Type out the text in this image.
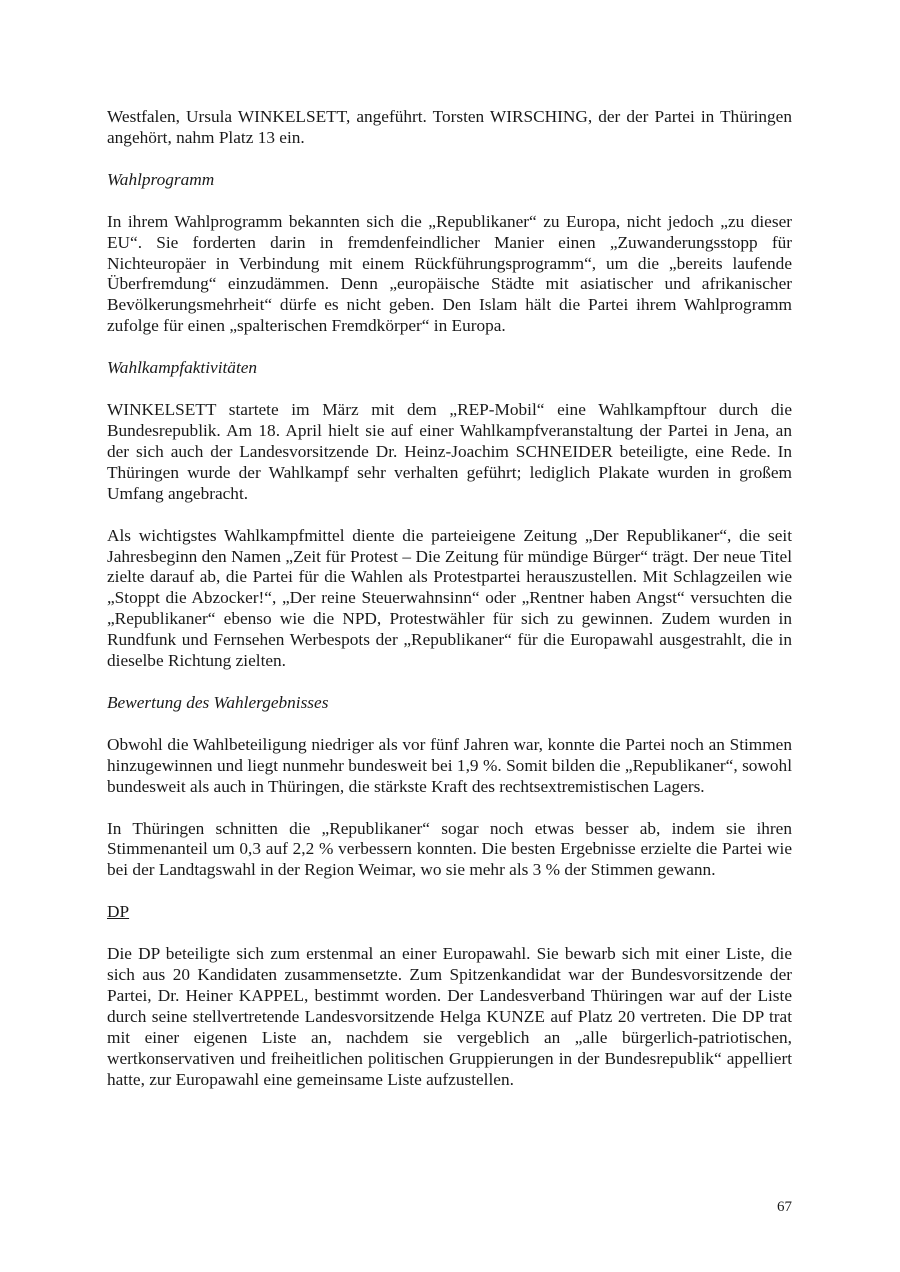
Westfalen, Ursula WINKELSETT, angeführt. Torsten WIRSCHING, der der Partei in Thüringen angehört, nahm Platz 13 ein.

Wahlprogramm

In ihrem Wahlprogramm bekannten sich die „Republikaner“ zu Europa, nicht jedoch „zu dieser EU“. Sie forderten darin in fremdenfeindlicher Manier einen „Zuwanderungsstopp für Nichteuropäer in Verbindung mit einem Rückführungsprogramm“, um die „bereits laufende Überfremdung“ einzudämmen. Denn „europäische Städte mit asiatischer und afrikanischer Bevölkerungsmehrheit“ dürfe es nicht geben. Den Islam hält die Partei ihrem Wahlprogramm zufolge für einen „spalterischen Fremdkörper“ in Europa.

Wahlkampfaktivitäten

WINKELSETT startete im März mit dem „REP-Mobil“ eine Wahlkampftour durch die Bundesrepublik. Am 18. April hielt sie auf einer Wahlkampfveranstaltung der Partei in Jena, an der sich auch der Landesvorsitzende Dr. Heinz-Joachim SCHNEIDER beteiligte, eine Rede. In Thüringen wurde der Wahlkampf sehr verhalten geführt; lediglich Plakate wurden in großem Umfang angebracht.

Als wichtigstes Wahlkampfmittel diente die parteieigene Zeitung „Der Republikaner“, die seit Jahresbeginn den Namen „Zeit für Protest – Die Zeitung für mündige Bürger“ trägt. Der neue Titel zielte darauf ab, die Partei für die Wahlen als Protestpartei herauszustellen. Mit Schlagzeilen wie „Stoppt die Abzocker!“, „Der reine Steuerwahnsinn“ oder „Rentner haben Angst“ versuchten die „Republikaner“ ebenso wie die NPD, Protestwähler für sich zu gewinnen. Zudem wurden in Rundfunk und Fernsehen Werbespots der „Republikaner“ für die Europawahl ausgestrahlt, die in dieselbe Richtung zielten.

Bewertung des Wahlergebnisses

Obwohl die Wahlbeteiligung niedriger als vor fünf Jahren war, konnte die Partei noch an Stimmen hinzugewinnen und liegt nunmehr bundesweit bei 1,9 %. Somit bilden die „Republikaner“, sowohl bundesweit als auch in Thüringen, die stärkste Kraft des rechtsextremistischen Lagers.

In Thüringen schnitten die „Republikaner“ sogar noch etwas besser ab, indem sie ihren Stimmenanteil um 0,3 auf 2,2 % verbessern konnten. Die besten Ergebnisse erzielte die Partei wie bei der Landtagswahl in der Region Weimar, wo sie mehr als 3 % der Stimmen gewann.

DP

Die DP beteiligte sich zum erstenmal an einer Europawahl. Sie bewarb sich mit einer Liste, die sich aus 20 Kandidaten zusammensetzte. Zum Spitzenkandidat war der Bundesvorsitzende der Partei, Dr. Heiner KAPPEL, bestimmt worden. Der Landesverband Thüringen war auf der Liste durch seine stellvertretende Landesvorsitzende Helga KUNZE auf Platz 20 vertreten. Die DP trat mit einer eigenen Liste an, nachdem sie vergeblich an „alle bürgerlich-patriotischen, wertkonservativen und freiheitlichen politischen Gruppierungen in der Bundesrepublik“ appelliert hatte, zur Europawahl eine gemeinsame Liste aufzustellen.

67
